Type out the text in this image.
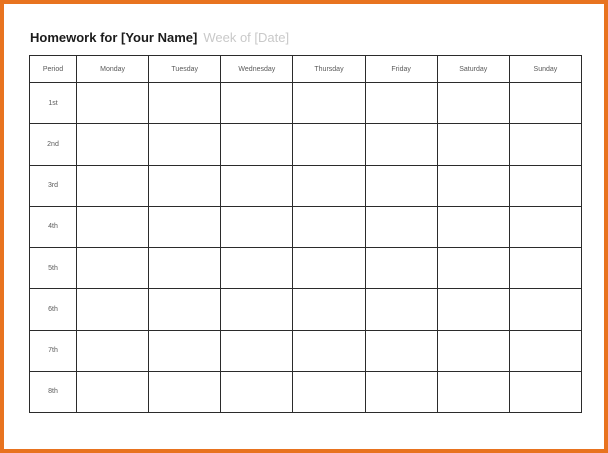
Homework for [Your Name] Week of [Date]
Period	Monday	Tuesday	Wednesday	Thursday	Friday	Saturday	Sunday
1st							
2nd							
3rd							
4th							
5th							
6th							
7th							
8th							
